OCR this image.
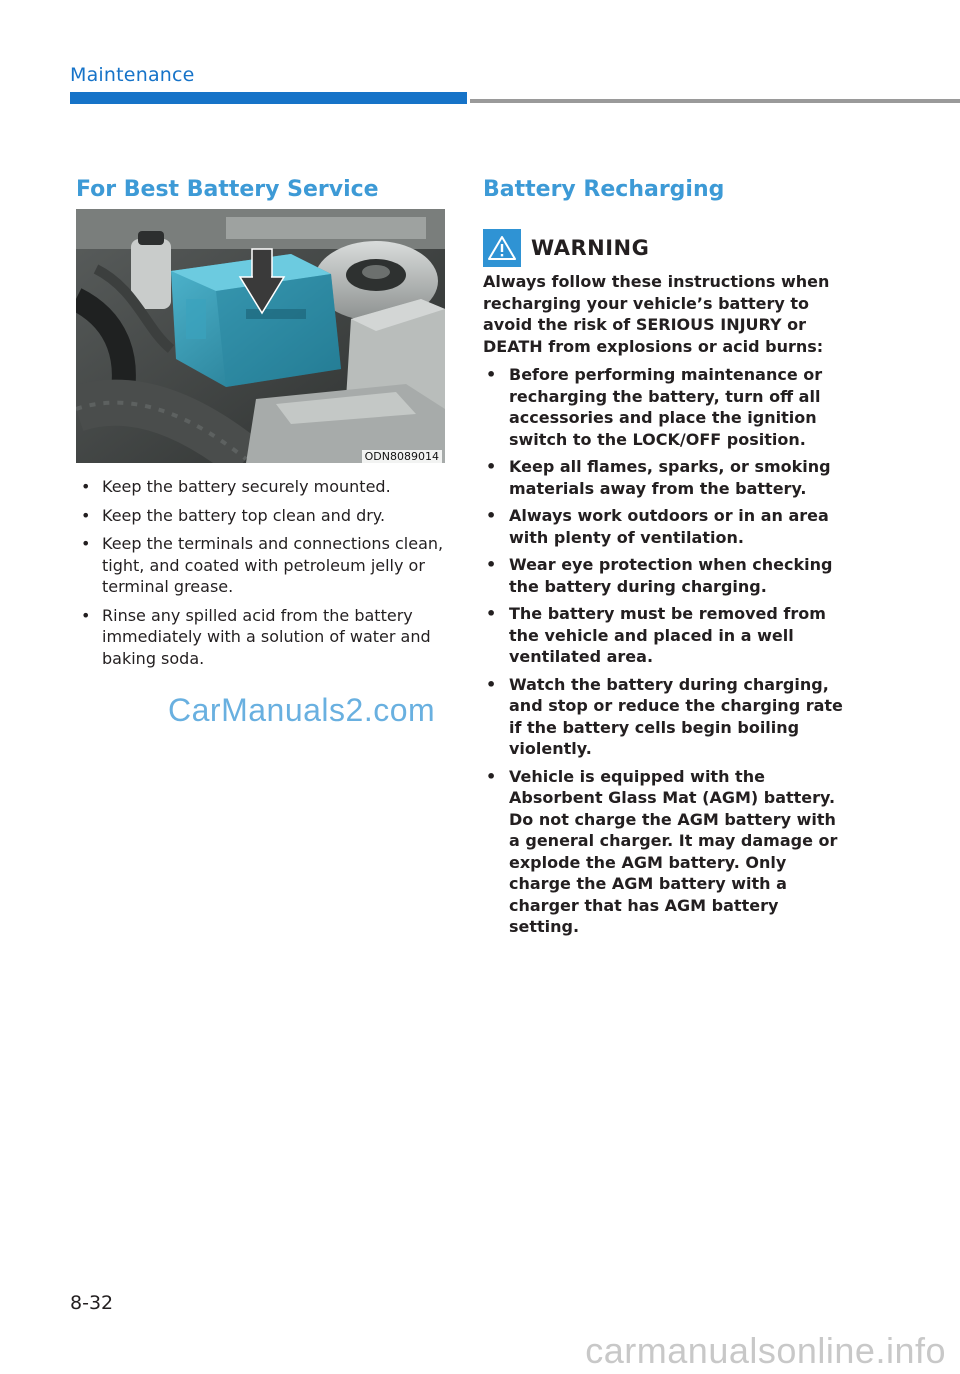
Maintenance
For Best Battery Service
ODN8089014
• Keep the battery securely mounted.
• Keep the battery top clean and dry.
• Keep the terminals and connections clean, tight, and coated with petroleum jelly or terminal grease.
• Rinse any spilled acid from the battery immediately with a solution of water and baking soda.
CarManuals2.com
Battery Recharging
WARNING
Always follow these instructions when recharging your vehicle’s battery to avoid the risk of SERIOUS INJURY or DEATH from explosions or acid burns:
• Before performing maintenance or recharging the battery, turn off all accessories and place the ignition switch to the LOCK/OFF position.
• Keep all flames, sparks, or smoking materials away from the battery.
• Always work outdoors or in an area with plenty of ventilation.
• Wear eye protection when checking the battery during charging.
• The battery must be removed from the vehicle and placed in a well ventilated area.
• Watch the battery during charging, and stop or reduce the charging rate if the battery cells begin boiling violently.
• Vehicle is equipped with the Absorbent Glass Mat (AGM) battery. Do not charge the AGM battery with a general charger. It may damage or explode the AGM battery. Only charge the AGM battery with a charger that has AGM battery setting.
8-32
carmanualsonline.info
